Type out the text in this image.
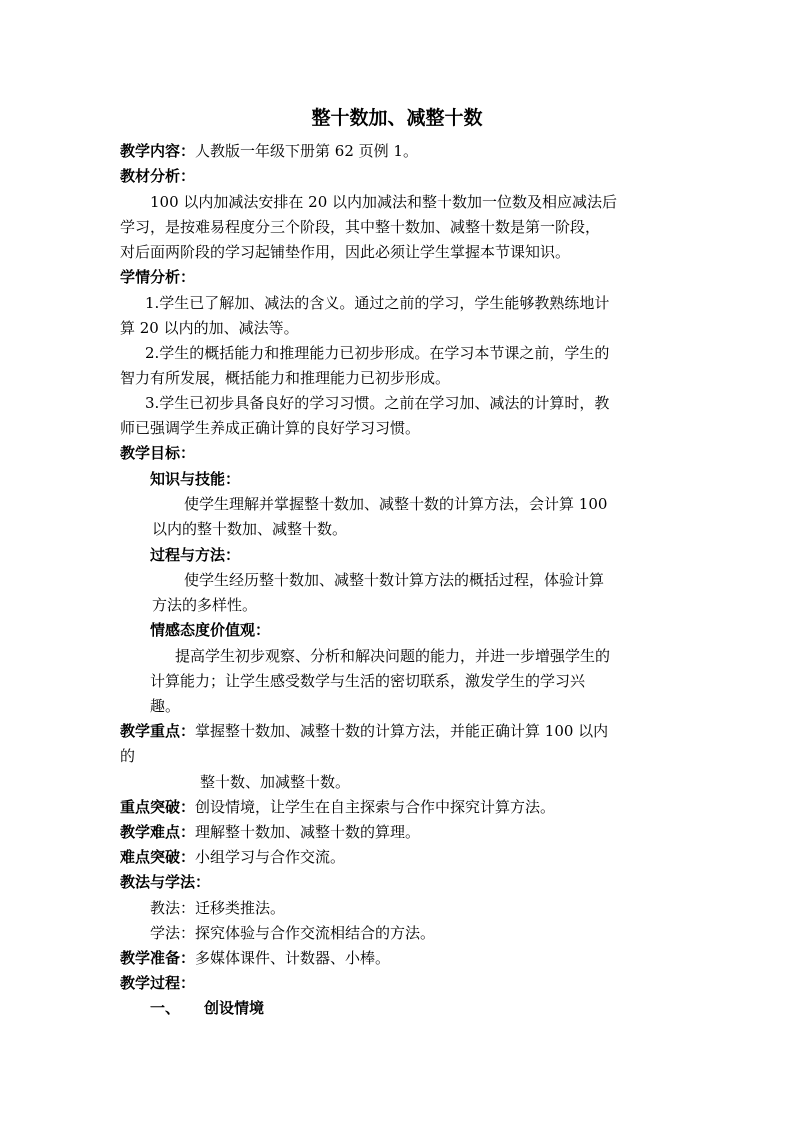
整十数加、减整十数
教学内容：人教版一年级下册第 62 页例 1。
教材分析：
100 以内加减法安排在 20 以内加减法和整十数加一位数及相应减法后
学习，是按难易程度分三个阶段，其中整十数加、减整十数是第一阶段，
对后面两阶段的学习起铺垫作用，因此必须让学生掌握本节课知识。
学情分析：
1.学生已了解加、减法的含义。通过之前的学习，学生能够教熟练地计
算 20 以内的加、减法等。
2.学生的概括能力和推理能力已初步形成。在学习本节课之前，学生的
智力有所发展，概括能力和推理能力已初步形成。
3.学生已初步具备良好的学习习惯。之前在学习加、减法的计算时，教
师已强调学生养成正确计算的良好学习习惯。
教学目标：
知识与技能：
使学生理解并掌握整十数加、减整十数的计算方法，会计算 100
以内的整十数加、减整十数。
过程与方法：
使学生经历整十数加、减整十数计算方法的概括过程，体验计算
方法的多样性。
情感态度价值观：
提高学生初步观察、分析和解决问题的能力，并进一步增强学生的
计算能力；让学生感受数学与生活的密切联系，激发学生的学习兴
趣。
教学重点：掌握整十数加、减整十数的计算方法，并能正确计算 100 以内
的
整十数、加减整十数。
重点突破：创设情境，让学生在自主探索与合作中探究计算方法。
教学难点：理解整十数加、减整十数的算理。
难点突破：小组学习与合作交流。
教法与学法：
教法：迁移类推法。
学法：探究体验与合作交流相结合的方法。
教学准备：多媒体课件、计数器、小棒。
教学过程：
一、 创设情境
